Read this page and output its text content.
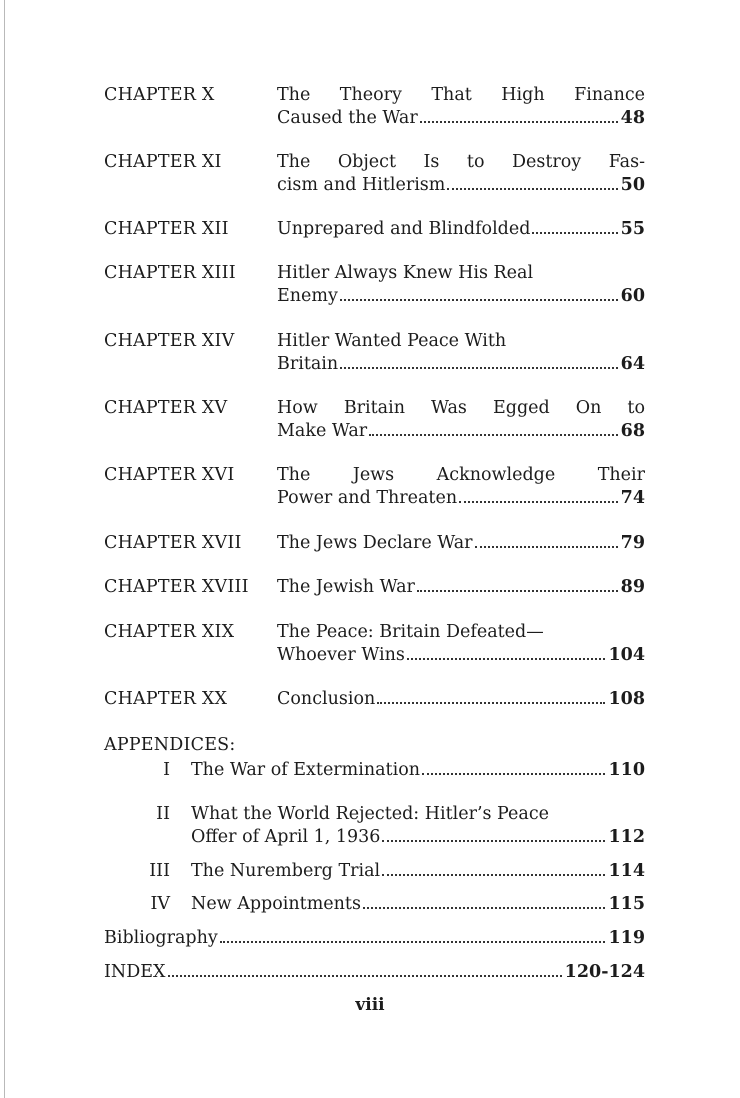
CHAPTER X	The Theory That High Finance
Caused the War	48
CHAPTER XI	The Object Is to Destroy Fas-
cism and Hitlerism	50
CHAPTER XII	Unprepared and Blindfolded	55
CHAPTER XIII Hitler Always Knew His Real
Enemy	60
CHAPTER XIV Hitler Wanted Peace With
Britain	64
CHAPTER XV	How Britain Was Egged On to
Make War	68
CHAPTER XVI The Jews Acknowledge Their
Power and Threaten	74
CHAPTER XVII The Jews Declare War	79
CHAPTER XVIII The Jewish War	89
CHAPTER XIX The Peace: Britain Defeated—
Whoever Wins	104
CHAPTER XX	Conclusion	108
APPENDICES:
I The War of Extermination	110
II What the World Rejected: Hitler’s Peace
Offer of April 1, 1936	112
III The Nuremberg Trial	114
IV New Appointments	115
Bibliography	119
INDEX	120-124
viii
